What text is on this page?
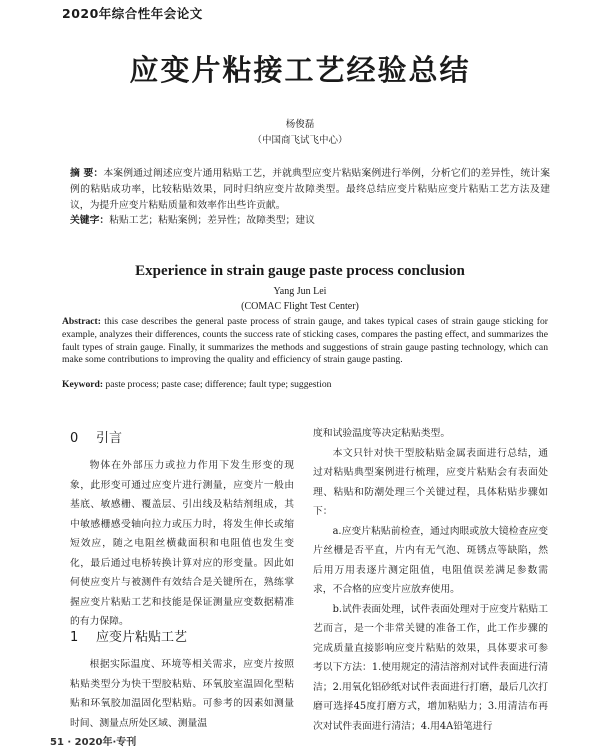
2020年综合性年会论文
应变片粘接工艺经验总结
杨俊磊
（中国商飞试飞中心）
摘 要：本案例通过阐述应变片通用粘贴工艺，并就典型应变片粘贴案例进行举例，分析它们的差异性，统计案例的粘贴成功率，比较粘贴效果，同时归纳应变片故障类型。最终总结应变片粘贴应变片粘贴工艺方法及建议，为提升应变片粘贴质量和效率作出些许贡献。
关键字：粘贴工艺；粘贴案例；差异性；故障类型；建议
Experience in strain gauge paste process conclusion
Yang Jun Lei
(COMAC Flight Test Center)
Abstract: this case describes the general paste process of strain gauge, and takes typical cases of strain gauge sticking for example, analyzes their differences, counts the success rate of sticking cases, compares the pasting effect, and summarizes the fault types of strain gauge. Finally, it summarizes the methods and suggestions of strain gauge pasting technology, which can make some contributions to improving the quality and efficiency of strain gauge pasting.
Keyword: paste process; paste case; difference; fault type; suggestion
0 引言

物体在外部压力或拉力作用下发生形变的现象，此形变可通过应变片进行测量，应变片一般由基底、敏感栅、覆盖层、引出线及粘结剂组成，其中敏感栅感受轴向拉力或压力时，将发生伸长或缩短效应，随之电阻丝横截面积和电阻值也发生变化，最后通过电桥转换计算对应的形变量。因此如何使应变片与被测件有效结合是关键所在，熟练掌握应变片粘贴工艺和技能是保证测量应变数据精准的有力保障。

1 应变片粘贴工艺

根据实际温度、环境等相关需求，应变片按照粘贴类型分为快干型胶粘贴、环氧胶室温固化型粘贴和环氧胶加温固化型粘贴。可参考的因素如测量时间、测量点所处区域、测量温

度和试验温度等决定粘贴类型。

本文只针对快干型胶粘贴金属表面进行总结，通过对粘贴典型案例进行梳理，应变片粘贴会有表面处理、粘贴和防潮处理三个关键过程，具体粘贴步骤如下：

a.应变片粘贴前检查，通过肉眼或放大镜检查应变片丝栅是否平直，片内有无气泡、斑锈点等缺陷，然后用万用表逐片测定阻值，电阻值误差满足参数需求，不合格的应变片应放弃使用。

b.试件表面处理，试件表面处理对于应变片粘贴工艺而言，是一个非常关键的准备工作，此工作步骤的完成质量直接影响应变片粘贴的效果，具体要求可参考以下方法：1.使用规定的清洁溶剂对试件表面进行清洁；2.用氧化铝砂纸对试件表面进行打磨，最后几次打磨可选择45度打磨方式，增加粘贴力；3.用清洁布再次对试件表面进行清洁；4.用4A铅笔进行

51 · 2020年·专刊
